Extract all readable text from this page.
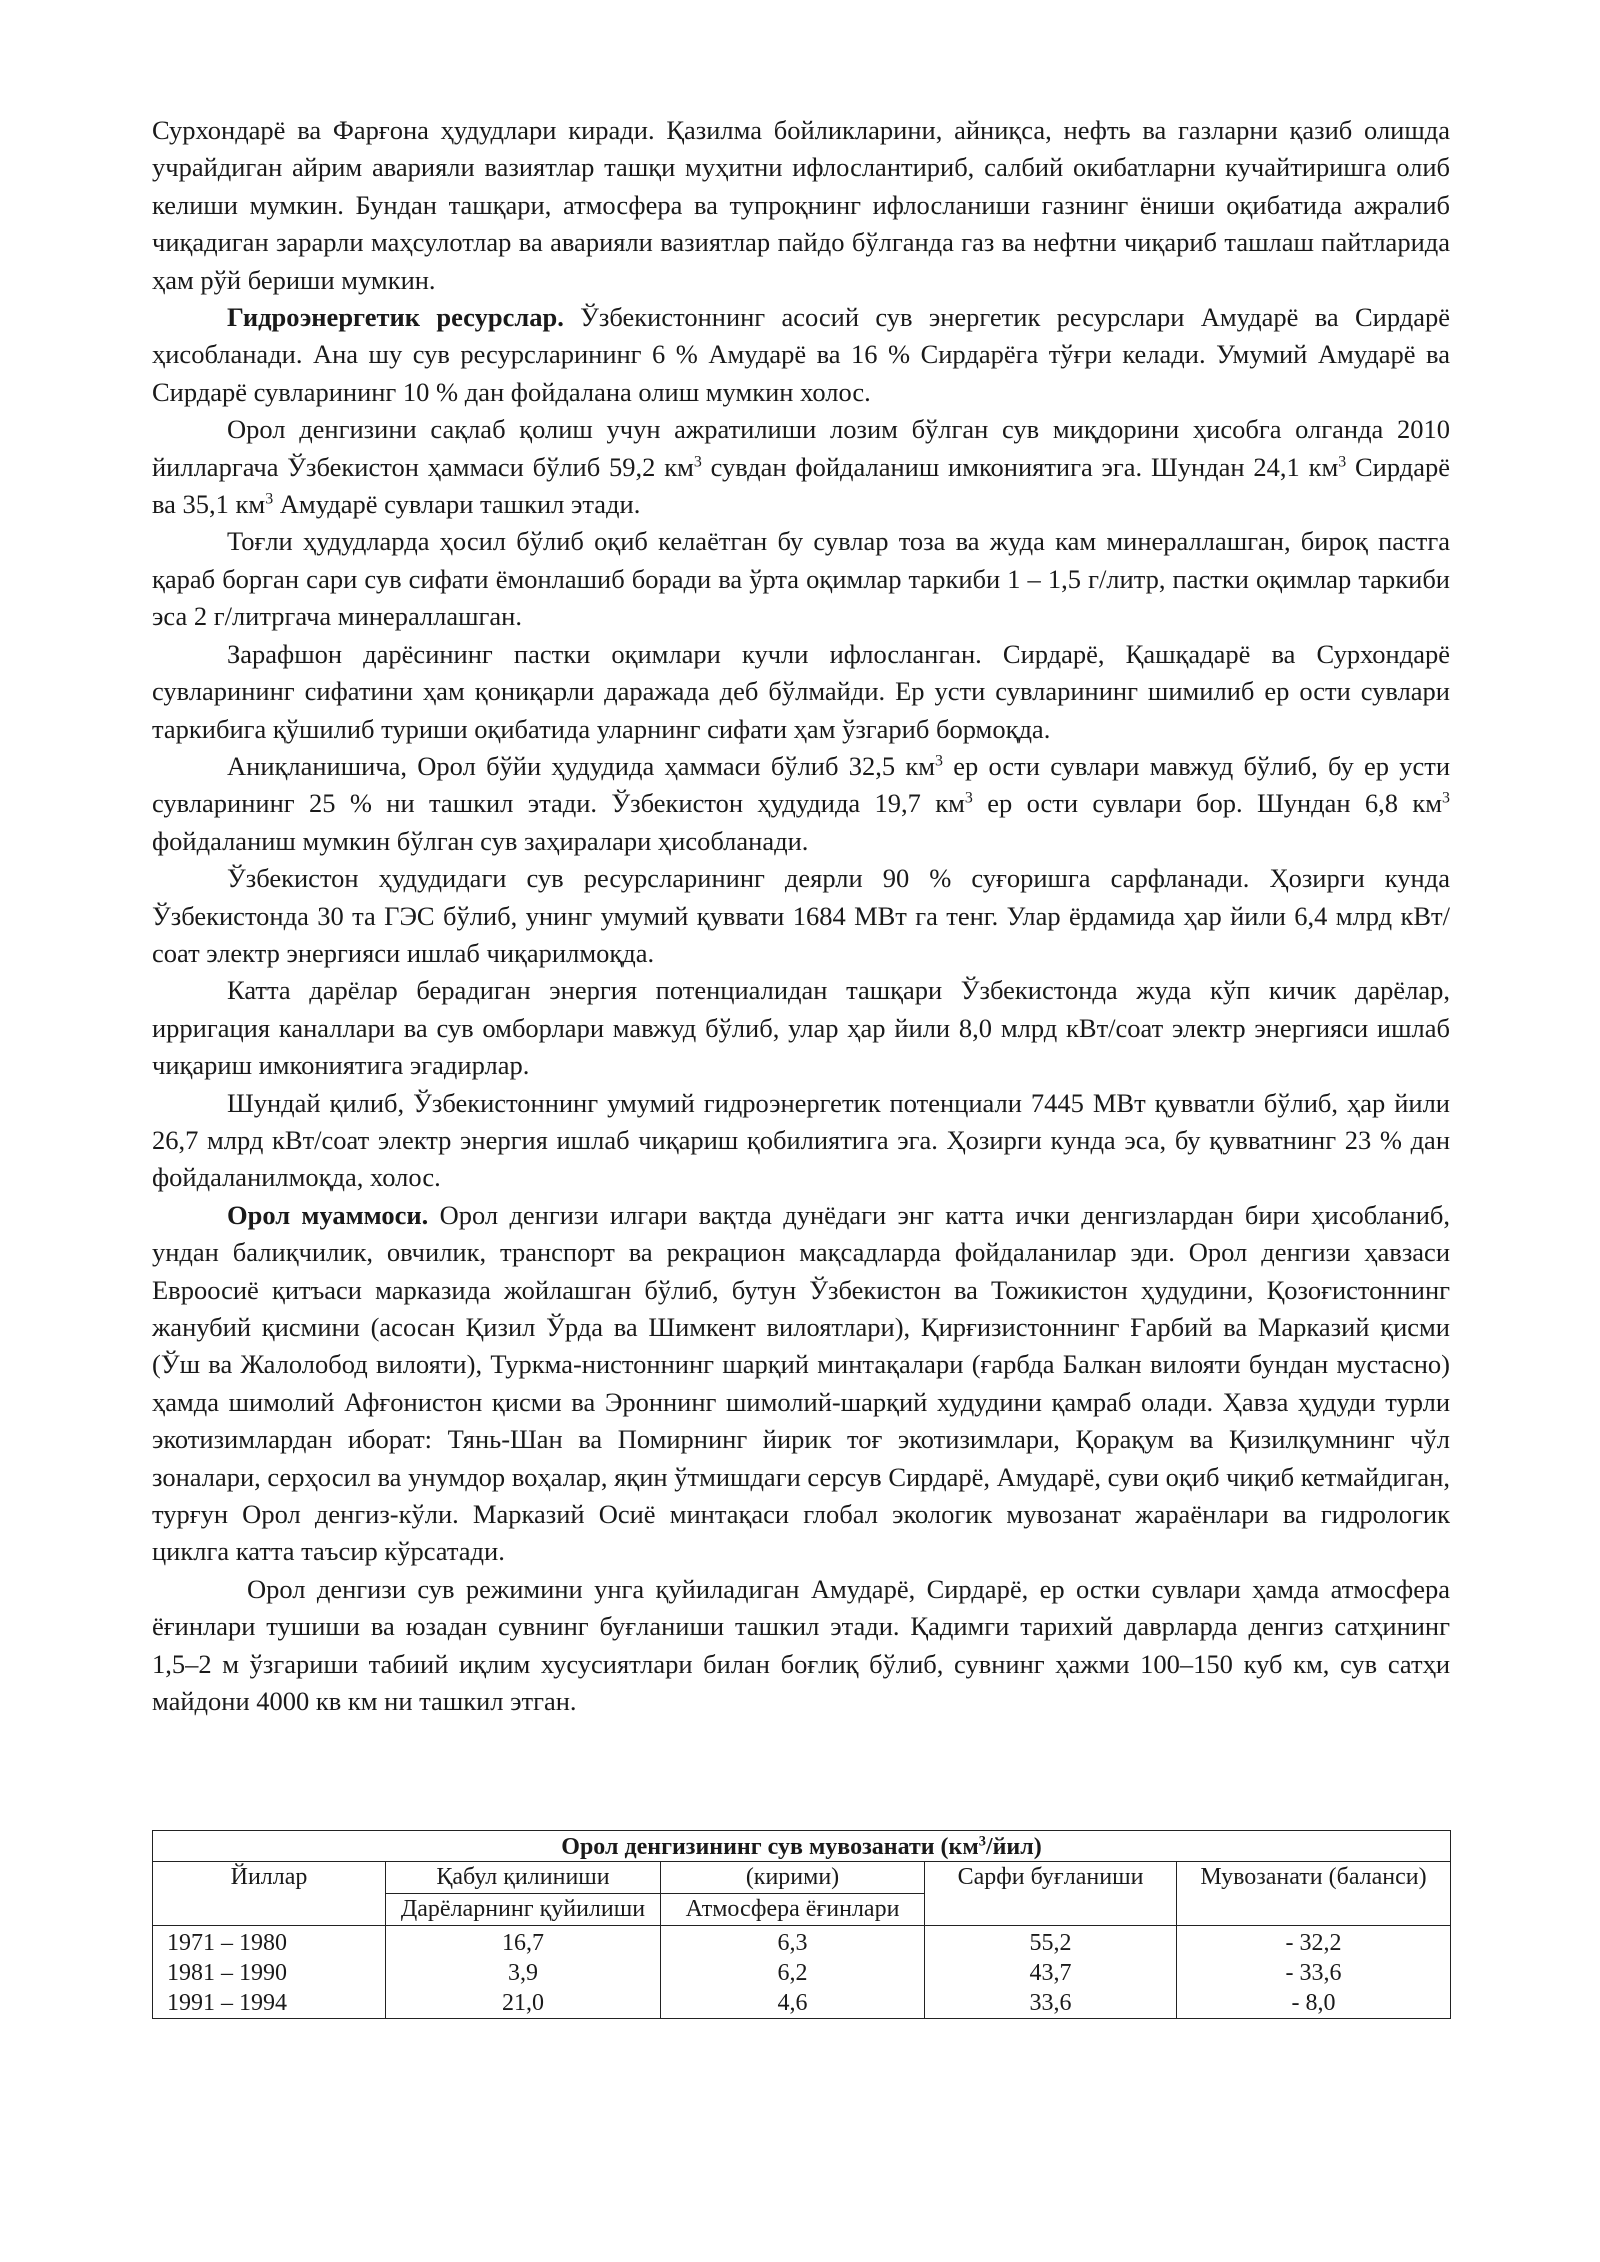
Сурхондарё ва Фарғона ҳудудлари киради. Қазилма бойликларини, айниқса, нефть ва газларни қазиб олишда учрайдиган айрим аварияли вазиятлар ташқи муҳитни ифлослантириб, салбий окибатларни кучайтиришга олиб келиши мумкин. Бундан ташқари, атмосфера ва тупроқнинг ифлосланиши газнинг ёниши оқибатида ажралиб чиқадиган зарарли маҳсулотлар ва аварияли вазиятлар пайдо бўлганда газ ва нефтни чиқариб ташлаш пайтларида ҳам рўй бериши мумкин.

Гидроэнергетик ресурслар. Ўзбекистоннинг асосий сув энергетик ресурслари Амударё ва Сирдарё ҳисобланади. Ана шу сув ресурсларининг 6 % Амударё ва 16 % Сирдарёга тўғри келади. Умумий Амударё ва Сирдарё сувларининг 10 % дан фойдалана олиш мумкин холос.

Орол денгизини сақлаб қолиш учун ажратилиши лозим бўлган сув миқдорини ҳисобга олганда 2010 йилларгача Ўзбекистон ҳаммаси бўлиб 59,2 $км^3$ сувдан фойдаланиш имкониятига эга. Шундан 24,1 $км^3$ Сирдарё ва 35,1 $км^3$ Амударё сувлари ташкил этади.

Тоғли ҳудудларда ҳосил бўлиб оқиб келаётган бу сувлар тоза ва жуда кам минераллашган, бироқ пастга қараб борган сари сув сифати ёмонлашиб боради ва ўрта оқимлар таркиби 1 – 1,5 г/литр, пастки оқимлар таркиби эса 2 г/литргача минераллашган.

Зарафшон дарёсининг пастки оқимлари кучли ифлосланган. Сирдарё, Қашқадарё ва Сурхондарё сувларининг сифатини ҳам қониқарли даражада деб бўлмайди. Ер усти сувларининг шимилиб ер ости сувлари таркибига қўшилиб туриши оқибатида уларнинг сифати ҳам ўзгариб бормоқда.

Аниқланишича, Орол бўйи ҳудудида ҳаммаси бўлиб 32,5 $км^3$ ер ости сувлари мавжуд бўлиб, бу ер усти сувларининг 25 % ни ташкил этади. Ўзбекистон ҳудудида 19,7 $км^3$ ер ости сувлари бор. Шундан 6,8 $км^3$ фойдаланиш мумкин бўлган сув заҳиралари ҳисобланади.

Ўзбекистон ҳудудидаги сув ресурсларининг деярли 90 % суғоришга сарфланади. Ҳозирги кунда Ўзбекистонда 30 та ГЭС бўлиб, унинг умумий қуввати 1684 МВт га тенг. Улар ёрдамида ҳар йили 6,4 млрд кВт/соат электр энергияси ишлаб чиқарилмоқда.

Катта дарёлар берадиган энергия потенциалидан ташқари Ўзбекистонда жуда кўп кичик дарёлар, ирригация каналлари ва сув омборлари мавжуд бўлиб, улар ҳар йили 8,0 млрд кВт/соат электр энергияси ишлаб чиқариш имкониятига эгадирлар.

Шундай қилиб, Ўзбекистоннинг умумий гидроэнергетик потенциали 7445 МВт қувватли бўлиб, ҳар йили 26,7 млрд кВт/соат электр энергия ишлаб чиқариш қобилиятига эга. Ҳозирги кунда эса, бу қувватнинг 23 % дан фойдаланилмоқда, холос.

Орол муаммоси. Орол денгизи илгари вақтда дунёдаги энг катта ички денгизлардан бири ҳисобланиб, ундан балиқчилик, овчилик, транспорт ва рекрацион мақсадларда фойдаланилар эди. Орол денгизи ҳавзаси Евроосиё қитъаси марказида жойлашган бўлиб, бутун Ўзбекистон ва Тожикистон ҳудудини, Қозоғистоннинг жанубий қисмини (асосан Қизил Ўрда ва Шимкент вилоятлари), Қирғизистоннинг Ғарбий ва Марказий қисми (Ўш ва Жалолобод вилояти), Туркма-нистоннинг шарқий минтақалари (ғарбда Балкан вилояти бундан мустасно) ҳамда шимолий Афғонистон қисми ва Эроннинг шимолий-шарқий худудини қамраб олади. Ҳавза ҳудуди турли экотизимлардан иборат: Тянь-Шан ва Помирнинг йирик тоғ экотизимлари, Қорақум ва Қизилқумнинг чўл зоналари, серҳосил ва унумдор воҳалар, яқин ўтмишдаги серсув Сирдарё, Амударё, суви оқиб чиқиб кетмайдиган, турғун Орол денгиз-кўли. Марказий Осиё минтақаси глобал экологик мувозанат жараёнлари ва гидрологик циклга катта таъсир кўрсатади.

Орол денгизи сув режимини унга қуйиладиган Амударё, Сирдарё, ер остки сувлари ҳамда атмосфера ёғинлари тушиши ва юзадан сувнинг буғланиши ташкил этади. Қадимги тарихий даврларда денгиз сатҳининг 1,5–2 м ўзгариши табиий иқлим хусусиятлари билан боғлиқ бўлиб, сувнинг ҳажми 100–150 куб км, сув сатҳи майдони 4000 кв км ни ташкил этган.

Орол денгизининг сув мувозанати $(км^3/йил)$				
Йиллар	Қабул қилиниши	(кирими)	Сарфи буғланиши	Мувозанати (баланси)
	Дарёларнинг қуйилиши	Атмосфера ёғинлари		
1971 – 1980	16,7	6,3	55,2	- 32,2
1981 – 1990	3,9	6,2	43,7	- 33,6
1991 – 1994	21,0	4,6	33,6	- 8,0
